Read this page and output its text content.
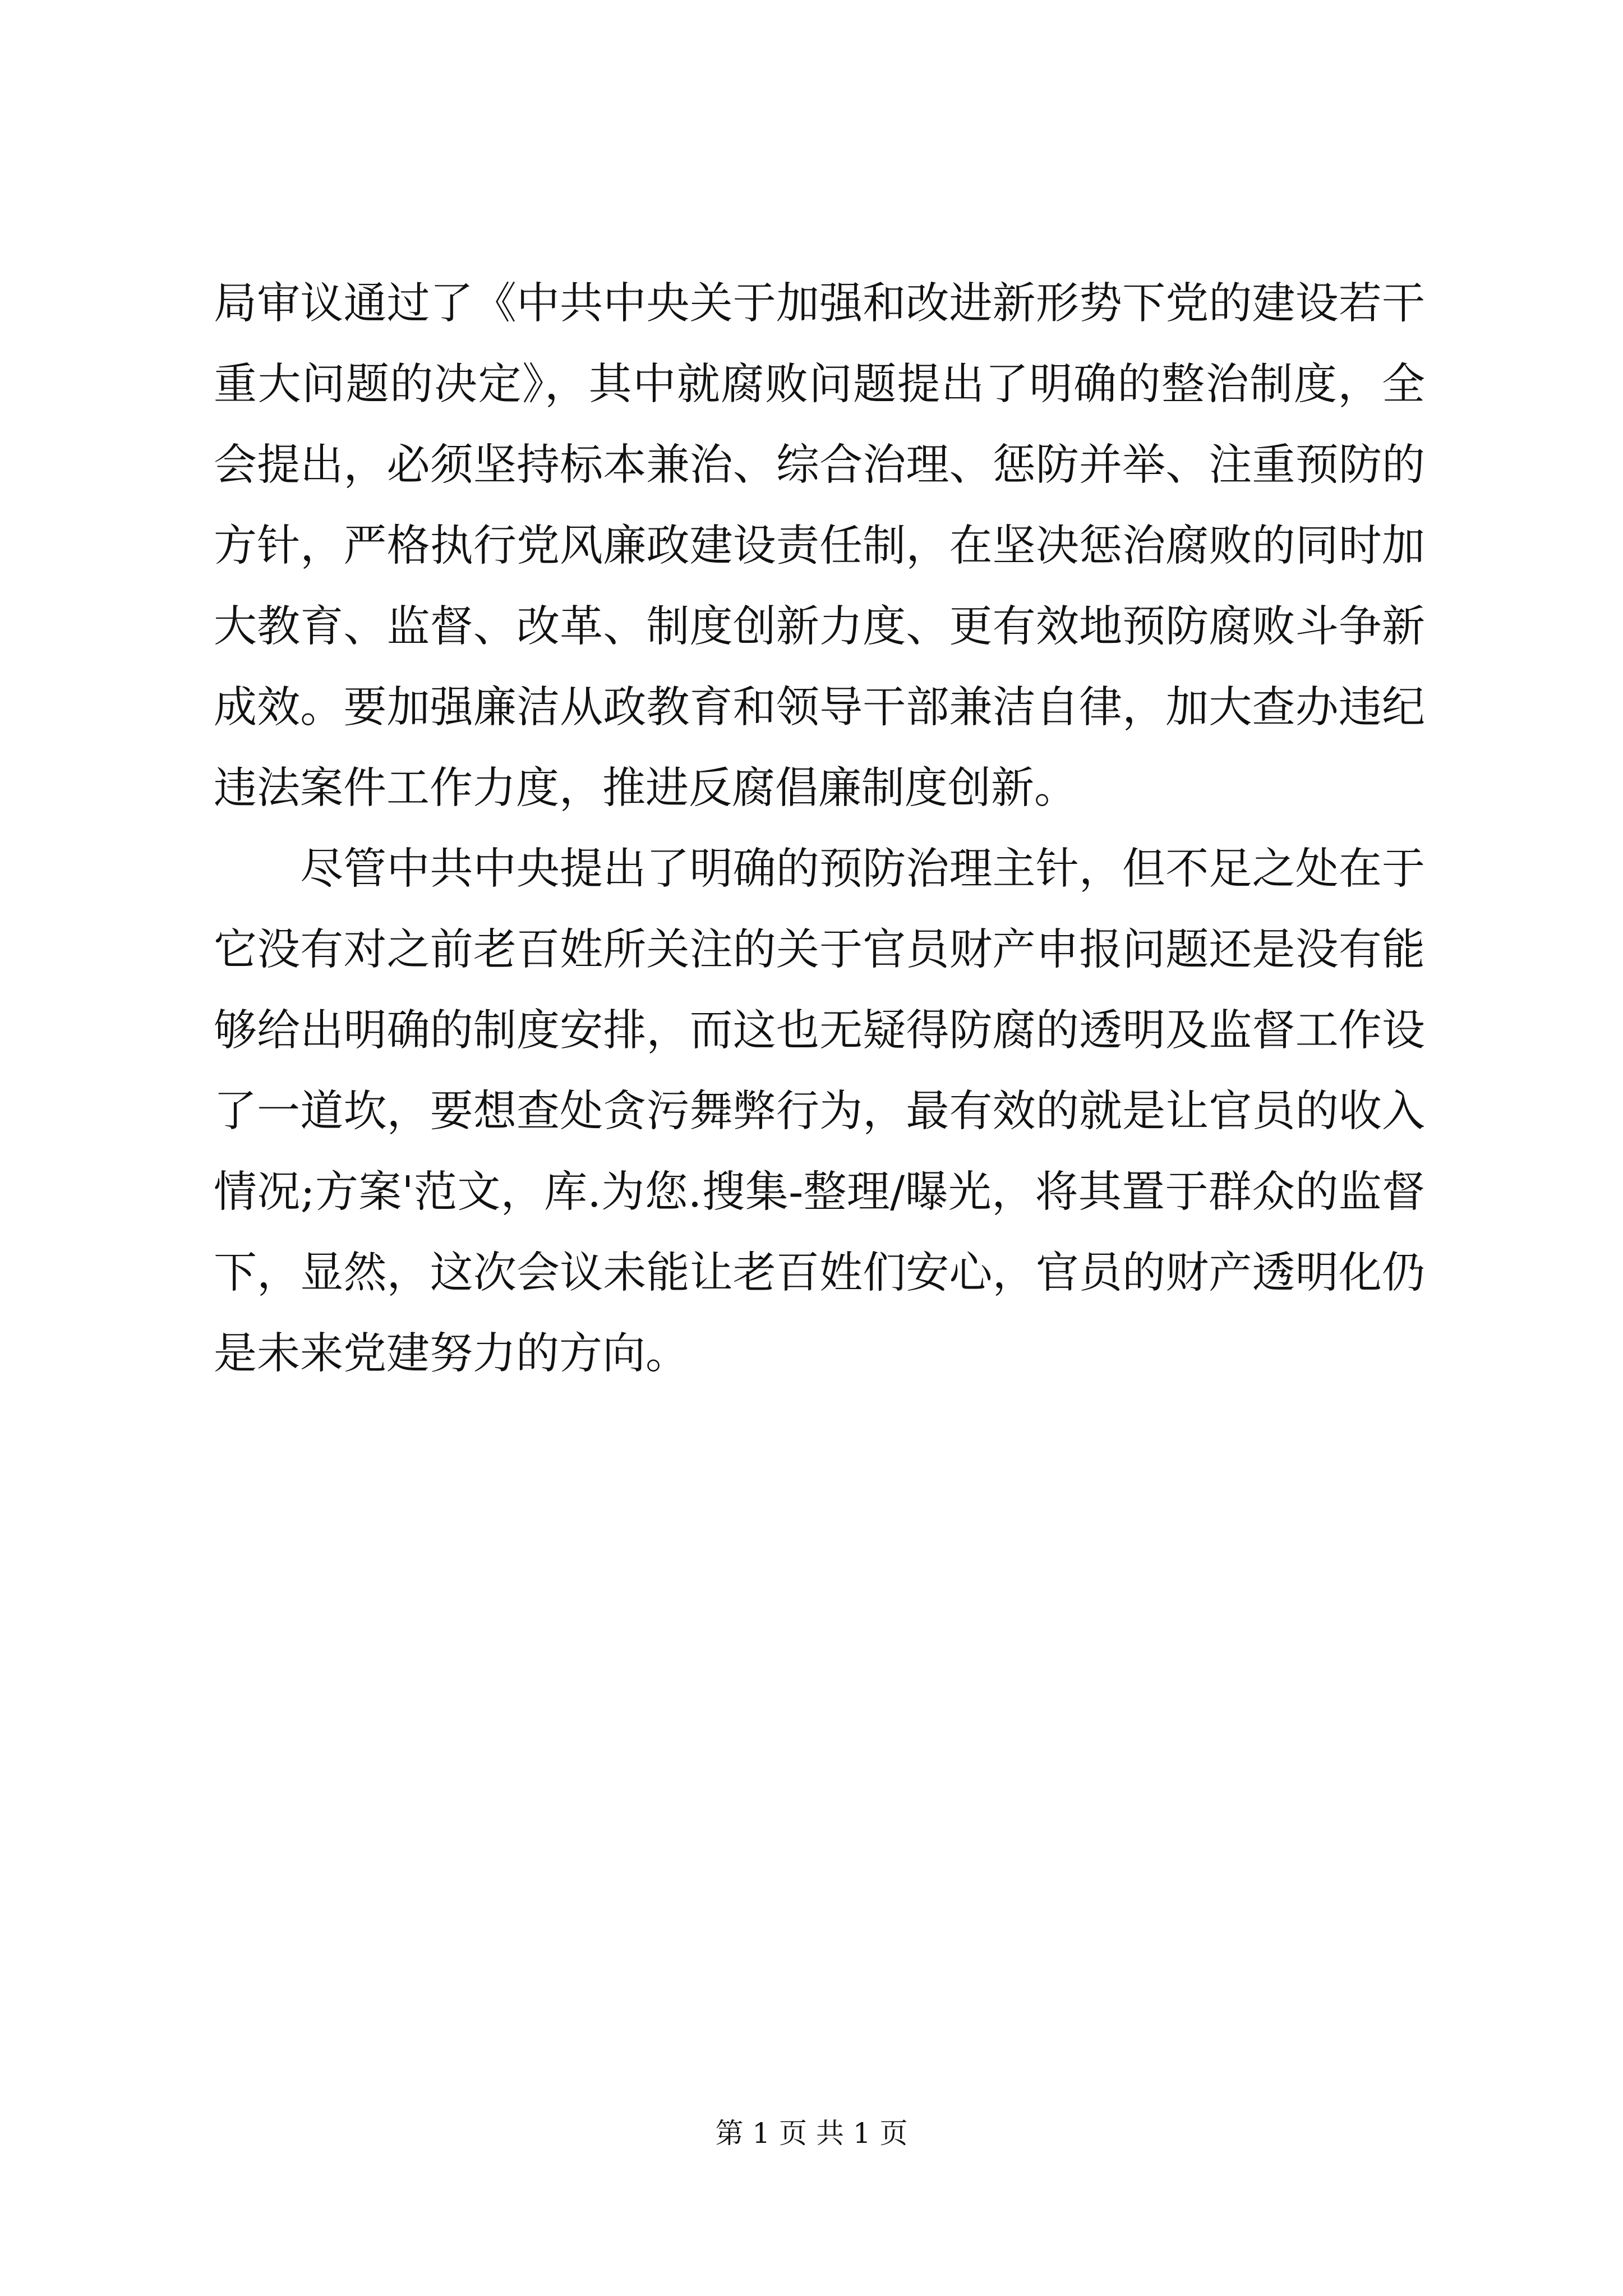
局审议通过了《中共中央关于加强和改进新形势下党的建设若干重大问题的决定》，其中就腐败问题提出了明确的整治制度，全会提出，必须坚持标本兼治、综合治理、惩防并举、注重预防的方针，严格执行党风廉政建设责任制，在坚决惩治腐败的同时加大教育、监督、改革、制度创新力度、更有效地预防腐败斗争新成效。要加强廉洁从政教育和领导干部兼洁自律，加大查办违纪违法案件工作力度，推进反腐倡廉制度创新。

尽管中共中央提出了明确的预防治理主针，但不足之处在于它没有对之前老百姓所关注的关于官员财产申报问题还是没有能够给出明确的制度安排，而这也无疑得防腐的透明及监督工作设了一道坎，要想查处贪污舞弊行为，最有效的就是让官员的收入情况;方案'范文，库.为您.搜集-整理/曝光，将其置于群众的监督下，显然，这次会议未能让老百姓们安心，官员的财产透明化仍是未来党建努力的方向。

第 1 页 共 1 页
